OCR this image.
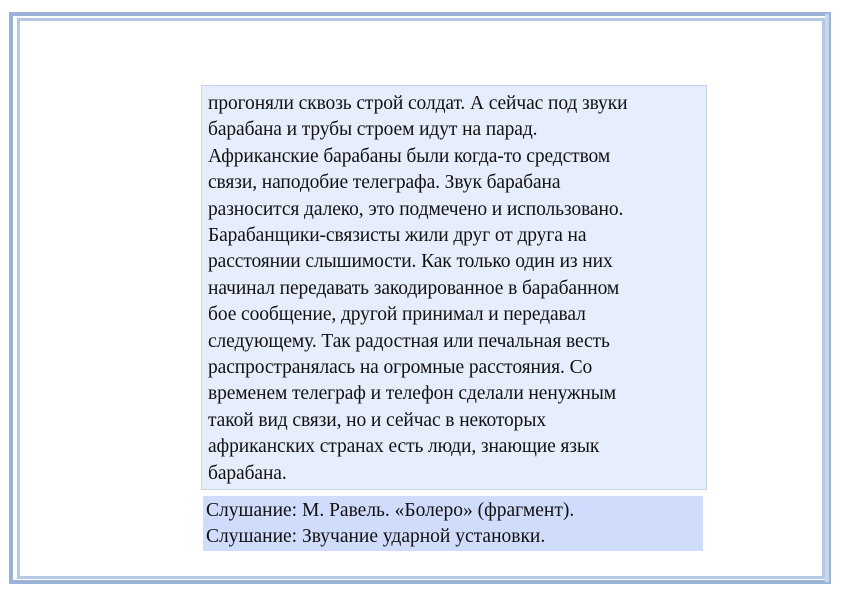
прогоняли сквозь строй солдат. А сейчас под звуки
барабана и трубы строем идут на парад.
Африканские барабаны были когда-то средством
связи, наподобие телеграфа. Звук барабана
разносится далеко, это подмечено и использовано.
Барабанщики-связисты жили друг от друга на
расстоянии слышимости. Как только один из них
начинал передавать закодированное в барабанном
бое сообщение, другой принимал и передавал
следующему. Так радостная или печальная весть
распространялась на огромные расстояния. Со
временем телеграф и телефон сделали ненужным
такой вид связи, но и сейчас в некоторых
африканских странах есть люди, знающие язык
барабана.
Слушание: М. Равель. «Болеро» (фрагмент).
Слушание: Звучание ударной установки.
